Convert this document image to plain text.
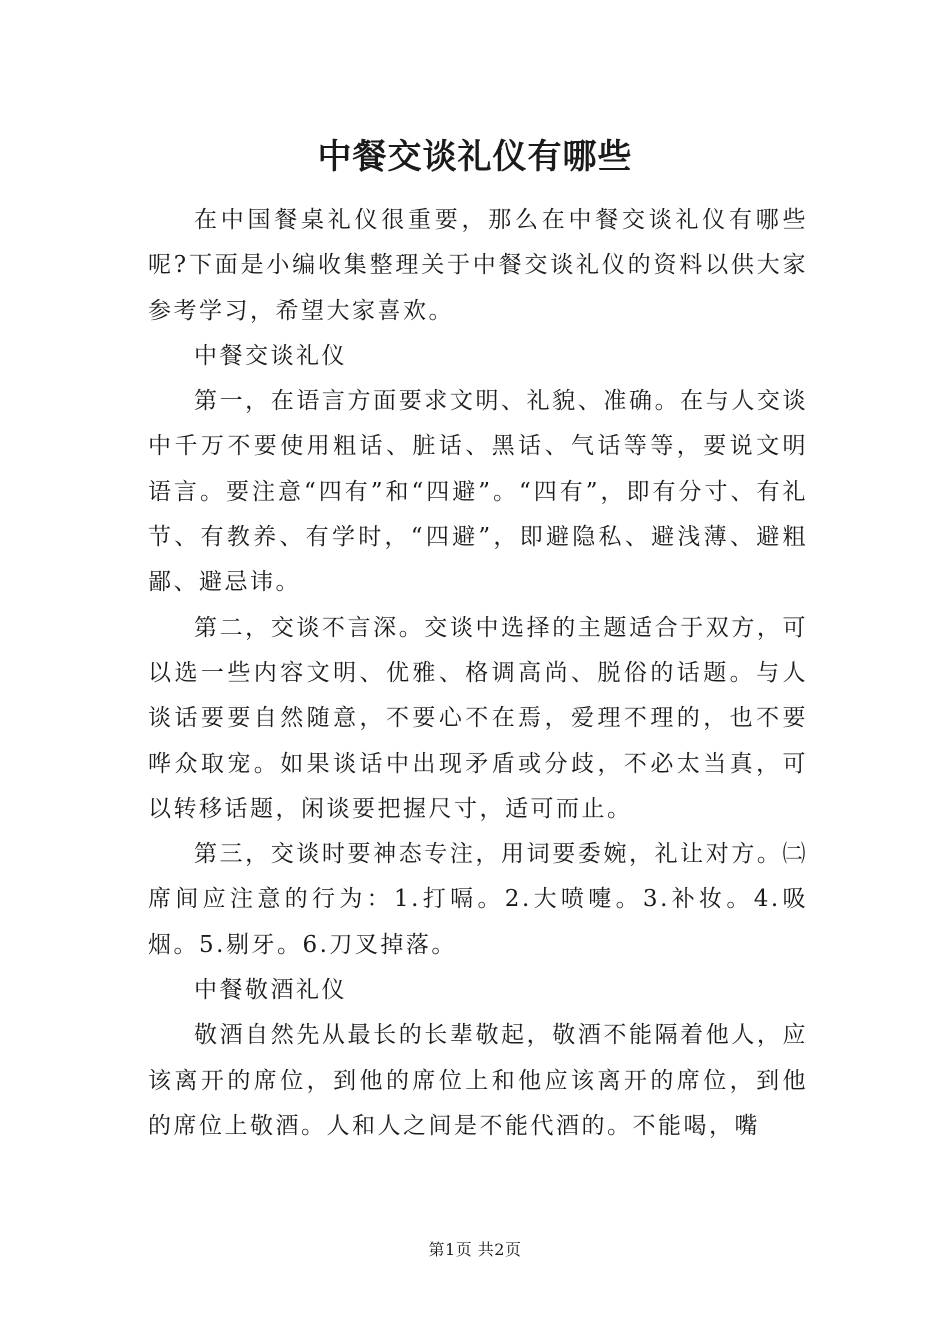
中餐交谈礼仪有哪些

在中国餐桌礼仪很重要，那么在中餐交谈礼仪有哪些呢?下面是小编收集整理关于中餐交谈礼仪的资料以供大家参考学习，希望大家喜欢。

中餐交谈礼仪

第一，在语言方面要求文明、礼貌、准确。在与人交谈中千万不要使用粗话、脏话、黑话、气话等等，要说文明语言。要注意“四有”和“四避”。“四有”，即有分寸、有礼节、有教养、有学时，“四避”，即避隐私、避浅薄、避粗鄙、避忌讳。

第二，交谈不言深。交谈中选择的主题适合于双方，可以选一些内容文明、优雅、格调高尚、脱俗的话题。与人谈话要要自然随意，不要心不在焉，爱理不理的，也不要哗众取宠。如果谈话中出现矛盾或分歧，不必太当真，可以转移话题，闲谈要把握尺寸，适可而止。

第三，交谈时要神态专注，用词要委婉，礼让对方。㈡席间应注意的行为：1.打嗝。2.大喷嚏。3.补妆。4.吸烟。5.剔牙。6.刀叉掉落。

中餐敬酒礼仪

敬酒自然先从最长的长辈敬起，敬酒不能隔着他人，应该离开的席位，到他的席位上和他应该离开的席位，到他的席位上敬酒。人和人之间是不能代酒的。不能喝，嘴

第1页 共2页
